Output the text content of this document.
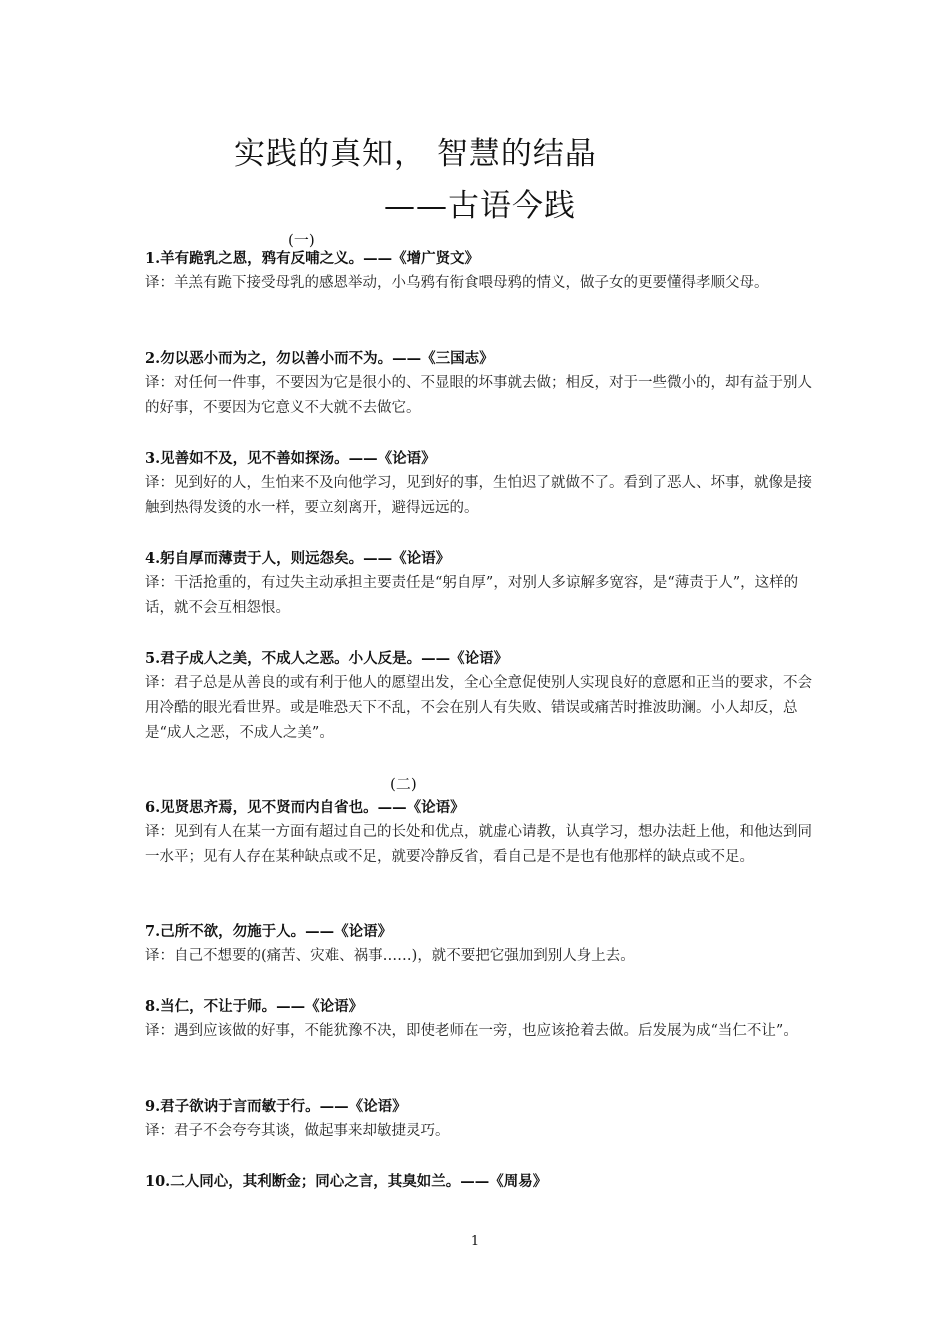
实践的真知， 智慧的结晶
——古语今践
(一)
1.羊有跪乳之恩，鸦有反哺之义。——《增广贤文》
译：羊羔有跪下接受母乳的感恩举动，小乌鸦有衔食喂母鸦的情义，做子女的更要懂得孝顺父母。
2.勿以恶小而为之，勿以善小而不为。——《三国志》
译：对任何一件事，不要因为它是很小的、不显眼的坏事就去做；相反，对于一些微小的，却有益于别人的好事，不要因为它意义不大就不去做它。
3.见善如不及，见不善如探汤。——《论语》
译：见到好的人，生怕来不及向他学习，见到好的事，生怕迟了就做不了。看到了恶人、坏事，就像是接触到热得发烫的水一样，要立刻离开，避得远远的。
4.躬自厚而薄责于人，则远怨矣。——《论语》
译：干活抢重的，有过失主动承担主要责任是“躬自厚”，对别人多谅解多宽容，是“薄责于人”，这样的话，就不会互相怨恨。
5.君子成人之美，不成人之恶。小人反是。——《论语》
译：君子总是从善良的或有利于他人的愿望出发，全心全意促使别人实现良好的意愿和正当的要求，不会用冷酷的眼光看世界。或是唯恐天下不乱，不会在别人有失败、错误或痛苦时推波助澜。小人却反，总是“成人之恶，不成人之美”。
(二)
6.见贤思齐焉，见不贤而内自省也。——《论语》
译：见到有人在某一方面有超过自己的长处和优点，就虚心请教，认真学习，想办法赶上他，和他达到同一水平；见有人存在某种缺点或不足，就要冷静反省，看自己是不是也有他那样的缺点或不足。
7.己所不欲，勿施于人。——《论语》
译：自己不想要的(痛苦、灾难、祸事……)，就不要把它强加到别人身上去。
8.当仁，不让于师。——《论语》
译：遇到应该做的好事，不能犹豫不决，即使老师在一旁，也应该抢着去做。后发展为成“当仁不让”。
9.君子欲讷于言而敏于行。——《论语》
译：君子不会夸夸其谈，做起事来却敏捷灵巧。
10.二人同心，其利断金；同心之言，其臭如兰。——《周易》
1
